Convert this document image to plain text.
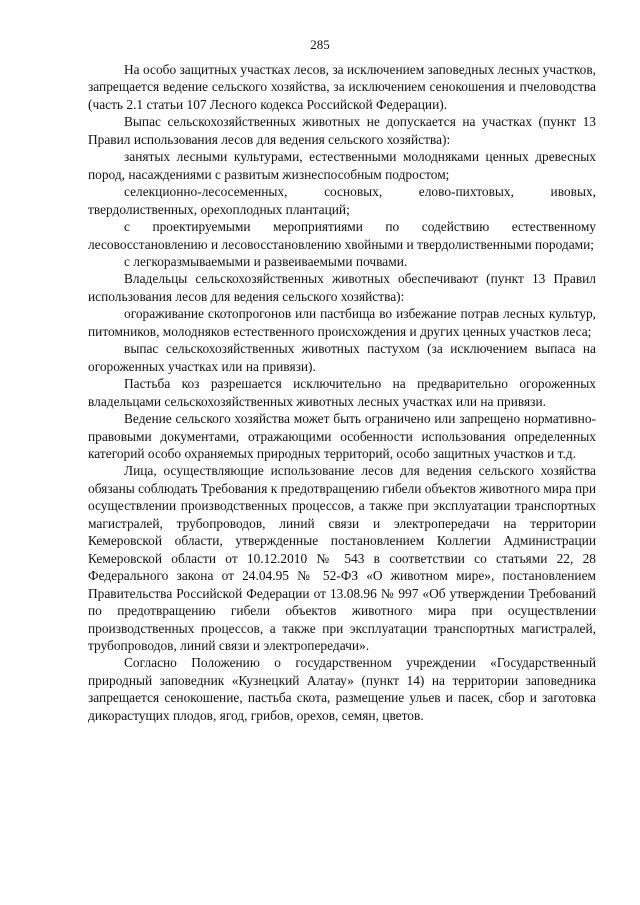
285

На особо защитных участках лесов, за исключением заповедных лесных участков, запрещается ведение сельского хозяйства, за исключением сенокошения и пчеловодства (часть 2.1 статьи 107 Лесного кодекса Российской Федерации).

Выпас сельскохозяйственных животных не допускается на участках (пункт 13 Правил использования лесов для ведения сельского хозяйства):

занятых лесными культурами, естественными молодняками ценных древесных пород, насаждениями с развитым жизнеспособным подростом;

селекционно-лесосеменных, сосновых, елово-пихтовых, ивовых, твердолиственных, орехоплодных плантаций;

с проектируемыми мероприятиями по содействию естественному лесовосстановлению и лесовосстановлению хвойными и твердолиственными породами;

с легкоразмываемыми и развеиваемыми почвами.

Владельцы сельскохозяйственных животных обеспечивают (пункт 13 Правил использования лесов для ведения сельского хозяйства):

огораживание скотопрогонов или пастбища во избежание потрав лесных культур, питомников, молодняков естественного происхождения и других ценных участков леса;

выпас сельскохозяйственных животных пастухом (за исключением выпаса на огороженных участках или на привязи).

Пастьба коз разрешается исключительно на предварительно огороженных владельцами сельскохозяйственных животных лесных участках или на привязи.

Ведение сельского хозяйства может быть ограничено или запрещено нормативно-правовыми документами, отражающими особенности использования определенных категорий особо охраняемых природных территорий, особо защитных участков и т.д.

Лица, осуществляющие использование лесов для ведения сельского хозяйства обязаны соблюдать Требования к предотвращению гибели объектов животного мира при осуществлении производственных процессов, а также при эксплуатации транспортных магистралей, трубопроводов, линий связи и электропередачи на территории Кемеровской области, утвержденные постановлением Коллегии Администрации Кемеровской области от 10.12.2010 № 543 в соответствии со статьями 22, 28 Федерального закона от 24.04.95 № 52-ФЗ «О животном мире», постановлением Правительства Российской Федерации от 13.08.96 № 997 «Об утверждении Требований по предотвращению гибели объектов животного мира при осуществлении производственных процессов, а также при эксплуатации транспортных магистралей, трубопроводов, линий связи и электропередачи».

Согласно Положению о государственном учреждении «Государственный природный заповедник «Кузнецкий Алатау» (пункт 14) на территории заповедника запрещается сенокошение, пастьба скота, размещение ульев и пасек, сбор и заготовка дикорастущих плодов, ягод, грибов, орехов, семян, цветов.
